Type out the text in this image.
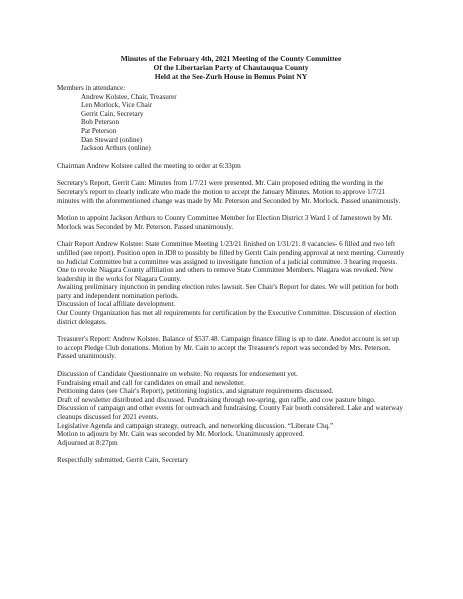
Minutes of the February 4th, 2021 Meeting of the County Committee
Of the Libertarian Party of Chautauqua County
Held at the See-Zurh House in Bemus Point NY

Members in attendance:

Andrew Kolstee, Chair, Treasurer
Len Morlock, Vice Chair
Gerrit Cain, Secretary
Bob Peterson
Pat Peterson
Dan Steward (online)
Jackson Arthurs (online)

Chairman Andrew Kolstee called the meeting to order at 6:33pm

Secretary's Report, Gerrit Cain: Minutes from 1/7/21 were presented. Mr. Cain proposed editing the wording in the Secretary's report to clearly indicate who made the motion to accept the January Minutes. Motion to approve 1/7/21 minutes with the aforementioned change was made by Mr. Peterson and Seconded by Mr. Morlock. Passed unanimously.

Motion to appoint Jackson Arthurs to County Committee Member for Election District 3 Ward 1 of Jamestown by Mr. Morlock was Seconded by Mr. Peterson. Passed unanimously.

Chair Report Andrew Kolstee: State Committee Meeting 1/23/21 finished on 1/31/21. 8 vacancies- 6 filled and two left unfilled (see report). Position open in JD8 to possibly be filled by Gerrit Cain pending approval at next meeting. Currently no Judicial Committee but a committee was assigned to investigate function of a judicial committee. 3 hearing requests. One to revoke Niagara County affiliation and others to remove State Committee Members. Niagara was revoked. New leadership in the works for Niagara County.

Awaiting preliminary injunction in pending election rules lawsuit. See Chair's Report for dates. We will petition for both party and independent nomination periods.

Discussion of local affiliate development.

Our County Organization has met all requirements for certification by the Executive Committee. Discussion of election district delegates.

Treasurer's Report: Andrew Kolstee. Balance of $537.48. Campaign finance filing is up to date. Anedot account is set up to accept Pledge Club donations. Motion by Mr. Cain to accept the Treasurer's report was seconded by Mrs. Peterson. Passed unanimously.

Discussion of Candidate Questionnaire on website. No requests for endorsement yet.

Fundraising email and call for candidates on email and newsletter.

Petitioning dates (see Chair's Report), petitioning logistics, and signature requirements discussed.

Draft of newsletter distributed and discussed. Fundraising through tee-spring, gun raffle, and cow pasture bingo.

Discussion of campaign and other events for outreach and fundraising. County Fair booth considered. Lake and waterway cleanups discussed for 2021 events.

Legislative Agenda and campaign strategy, outreach, and networking discussion. “Liberate Chq.”

Motion to adjourn by Mr. Cain was seconded by Mr. Morlock. Unanimously approved.

Adjourned at 8:27pm

Respectfully submitted. Gerrit Cain, Secretary
